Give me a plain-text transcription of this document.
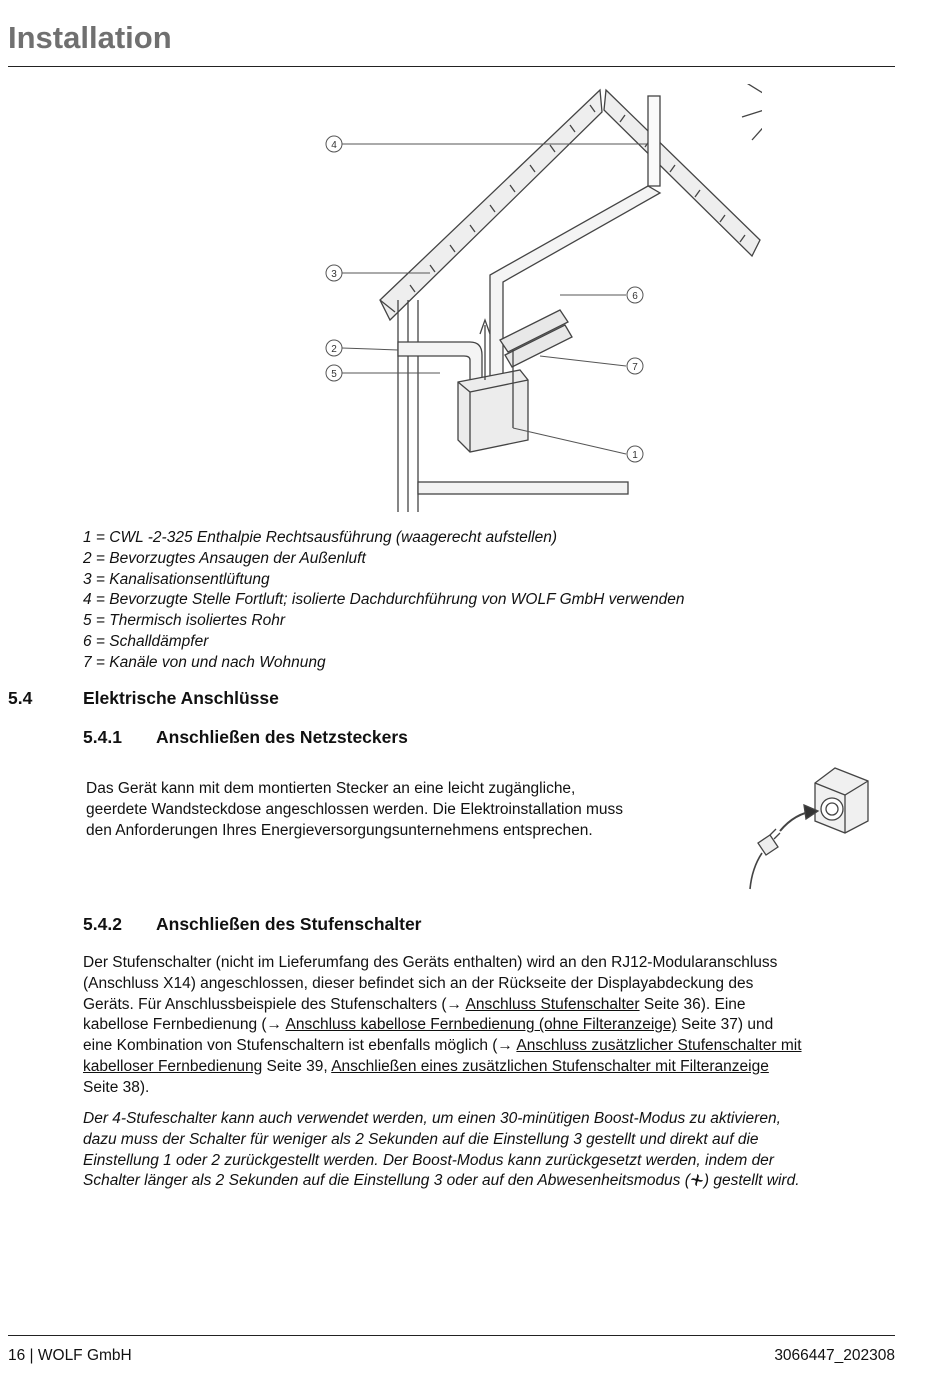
Installation
4
3
2
5
6
7
1
1 = CWL -2-325 Enthalpie Rechtsausführung (waagerecht aufstellen)
2 = Bevorzugtes Ansaugen der Außenluft
3 = Kanalisationsentlüftung
4 = Bevorzugte Stelle Fortluft; isolierte Dachdurchführung von WOLF GmbH verwenden
5 = Thermisch isoliertes Rohr
6 = Schalldämpfer
7 = Kanäle von und nach Wohnung
5.4	Elektrische Anschlüsse
5.4.1 Anschließen des Netzsteckers
Das Gerät kann mit dem montierten Stecker an eine leicht zugängliche,
geerdete Wandsteckdose angeschlossen werden. Die Elektroinstallation muss
den Anforderungen Ihres Energieversorgungsunternehmens entsprechen.
5.4.2 Anschließen des Stufenschalter
Der Stufenschalter (nicht im Lieferumfang des Geräts enthalten) wird an den RJ12-Modularanschluss
(Anschluss X14) angeschlossen, dieser befindet sich an der Rückseite der Displayabdeckung des
Geräts. Für Anschlussbeispiele des Stufenschalters (→ Anschluss Stufenschalter Seite 36). Eine
kabellose Fernbedienung (→ Anschluss kabellose Fernbedienung (ohne Filteranzeige) Seite 37) und
eine Kombination von Stufenschaltern ist ebenfalls möglich (→ Anschluss zusätzlicher Stufenschalter mit
kabelloser Fernbedienung Seite 39, Anschließen eines zusätzlichen Stufenschalter mit Filteranzeige
Seite 38).
Der 4-Stufeschalter kann auch verwendet werden, um einen 30-minütigen Boost-Modus zu aktivieren,
dazu muss der Schalter für weniger als 2 Sekunden auf die Einstellung 3 gestellt und direkt auf die
Einstellung 1 oder 2 zurückgestellt werden. Der Boost-Modus kann zurückgesetzt werden, indem der
Schalter länger als 2 Sekunden auf die Einstellung 3 oder auf den Abwesenheitsmodus ( ) gestellt wird.
16 | WOLF GmbH	3066447_202308
